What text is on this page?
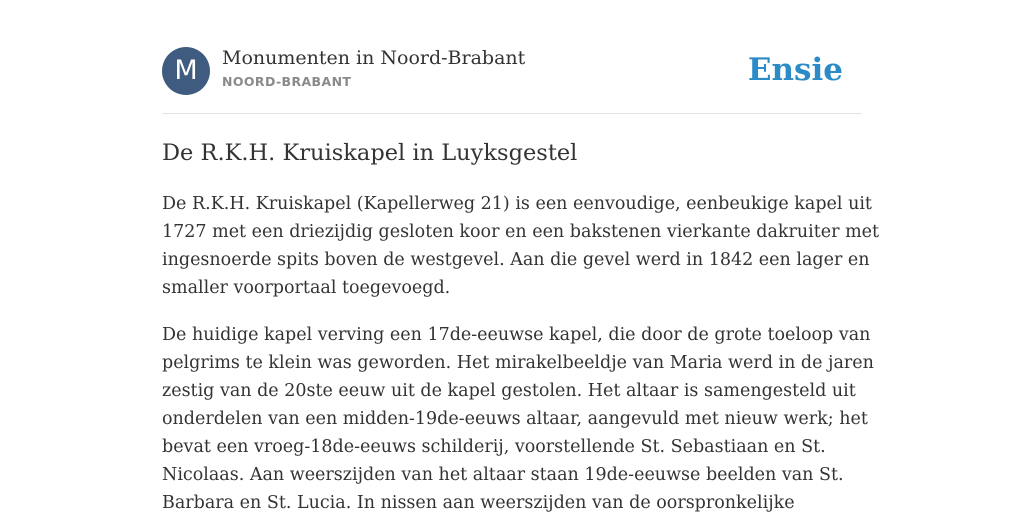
M	Monumenten in Noord-Brabant
NOORD-BRABANT	Ensie
De R.K.H. Kruiskapel in Luyksgestel

De R.K.H. Kruiskapel (Kapellerweg 21) is een eenvoudige, eenbeukige kapel uit
1727 met een driezijdig gesloten koor en een bakstenen vierkante dakruiter met
ingesnoerde spits boven de westgevel. Aan die gevel werd in 1842 een lager en
smaller voorportaal toegevoegd.

De huidige kapel verving een 17de-eeuwse kapel, die door de grote toeloop van
pelgrims te klein was geworden. Het mirakelbeeldje van Maria werd in de jaren
zestig van de 20ste eeuw uit de kapel gestolen. Het altaar is samengesteld uit
onderdelen van een midden-19de-eeuws altaar, aangevuld met nieuw werk; het
bevat een vroeg-18de-eeuws schilderij, voorstellende St. Sebastiaan en St.
Nicolaas. Aan weerszijden van het altaar staan 19de-eeuwse beelden van St.
Barbara en St. Lucia. In nissen aan weerszijden van de oorspronkelijke
